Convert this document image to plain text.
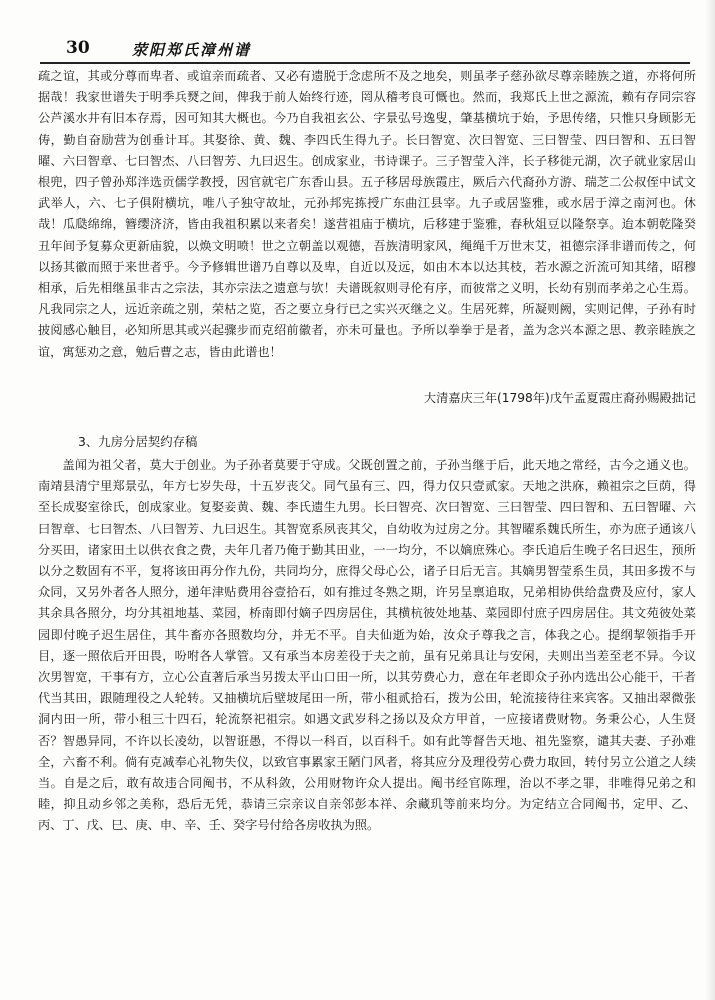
30	荥阳郑氏漳州谱

疏之谊，其或分尊而卑者、或谊亲而疏者、又必有遗脱于念虑所不及之地矣，则虽孝子慈孙欲尽尊亲睦族之道，亦将何所据哉！我家世谱失于明季兵燹之间，俾我于前人始终行迹，罔从稽考良可慨也。然而，我郑氏上世之源流，赖有存同宗容公芦溪水井有旧本存焉，因可知其大概也。今乃自我祖玄公、字景弘号逸叟，肇基横坑于始，予思传绪，只惟只身顾影无俦，勤自奋励营为创垂计耳。其娶徐、黄、魏、李四氏生得九子。长曰智宽、次曰智宽、三曰智莹、四曰智和、五曰智曜、六曰智章、七曰智杰、八曰智芳、九曰迟生。创成家业，书诗课子。三子智莹入泮，长子移徙元湖，次子就业家居山根兜，四子曾孙郑泮选贡儒学教授，因官就宅广东香山县。五子移居母族霞庄，厥后六代裔孙方游、瑞芝二公叔侄中试文武举人，六、七子俱附横坑，唯八子独守故址，元孙邦宪拣授广东曲江县宰。九子或居鉴雅，或水居于漳之南河也。休哉！瓜瓞绵绵，簪缨济济，皆由我祖积累以来者矣！遂营祖庙于横坑，后移建于鉴雅，春秋俎豆以隆祭享。迨本朝乾隆癸丑年间予复募众更新庙貌，以焕文明喷！世之立朝盖以观德，吾族清明家风，绳绳千万世末艾，祖德宗泽非谱而传之，何以扬其徽而照于来世者乎。今予修辑世谱乃自尊以及卑，自近以及远，如由木本以达其枝，若水源之沂流可知其绪，昭穆相承，后先相继虽非古之宗法，其亦宗法之遗意与欤！夫谱既叙则寻伦有序，而彼常之义明，长幼有别而孝弟之心生焉。凡我同宗之人，远近亲疏之别，荣枯之览，否之要立身行已之实兴灭继之义。生居死葬，所凝则阙，实则记俾，子孙有时披阅感心触目，必知所思其或兴起骤步而克绍前徽者，亦未可量也。予所以拳拳于是者，盖为念兴本源之思、教亲睦族之谊，寓惩劝之意，勉后曹之志，皆由此谱也！

大清嘉庆三年(1798年)戊午孟夏霞庄裔孙赐殿拙记
3、九房分居契约存稿

盖闻为祖父者，莫大于创业。为子孙者莫要于守成。父既创置之前，子孙当继于后，此天地之常经，古今之通义也。南靖县清宁里郑景弘，年方七岁失母，十五岁丧父。同气虽有三、四，得力仅只壹贰家。天地之洪庥，赖祖宗之巨荫，得至长成娶室徐氏，创成家业。复娶妾黄、魏、李氏遗生九男。长曰智亮、次曰智宽、三曰智莹、四曰智和、五曰智曜、六曰智章、七曰智杰、八曰智芳、九曰迟生。其智宽系夙丧其父，自幼收为过房之分。其智曜系魏氏所生，亦为庶子通该八分买田，诸家田土以供衣食之费，夫年几者乃俺于勤其田业，一一均分，不以嫡庶殊心。李氏追后生晚子名曰迟生，预所以分之数固有不平，复将该田再分作九份，共同均分，庶得父母心公，诸子日后无言。其嫡男智莹系生员，其田多拨不与众同，又另外者各人照分，递年津贴费用谷壹拾石，如有推过冬熟之期，许另呈禀追取，兄弟相协供给盘费及应付，家人其余具各照分，均分其祖地基、菜园，桥南即付嫡子四房居住，其横杭彼处地基、菜园即付庶子四房居住。其文苑彼处菜园即付晚子迟生居住，其牛畜亦各照数均分，并无不平。自夫仙逝为始，汝众子尊我之言，体我之心。提纲挈领指手开目，逐一照依后开田畏，吩咐各人掌管。又有承当本房差役于夫之前，虽有兄弟具让与安闲，夫则出当差至老不异。今议次男智宽，干事有方，立心公直著后承当另拨太平山口田一所，以其劳费心力，意在年老即众子孙内选出公心能干，干者代当其田，跟随理役之人轮转。又抽横坑后壁坡尾田一所，带小租贰拾石，拨为公田，轮流接待往来宾客。又抽出翠微张洞内田一所，带小租三十四石，轮流祭祀祖宗。如遇文武岁科之扬以及众方甲首，一应接诸费财物。务秉公心，人生贤否？智愚异同，不许以长凌幼，以智诳愚，不得以一科百，以百科千。如有此等督告天地、祖先鉴察，谴其夫妻、子孙难全，六畜不利。倘有克减奉心礼物失仪，以致官事累家王陋门风者，将其应分及理役劳心费力取回，转付另立公道之人续当。自是之后，敢有故违合同阄书，不从科敛，公用财物许众人提出。阄书经官陈理，治以不孝之罪，非唯得兄弟之和睦，抑且动乡邻之美称，恐后无凭，恭请三宗亲议自亲邻彭本祥、余藏玑等前来均分。为定结立合同阄书，定甲、乙、丙、丁、戊、巳、庚、申、辛、壬、癸字号付给各房收执为照。
